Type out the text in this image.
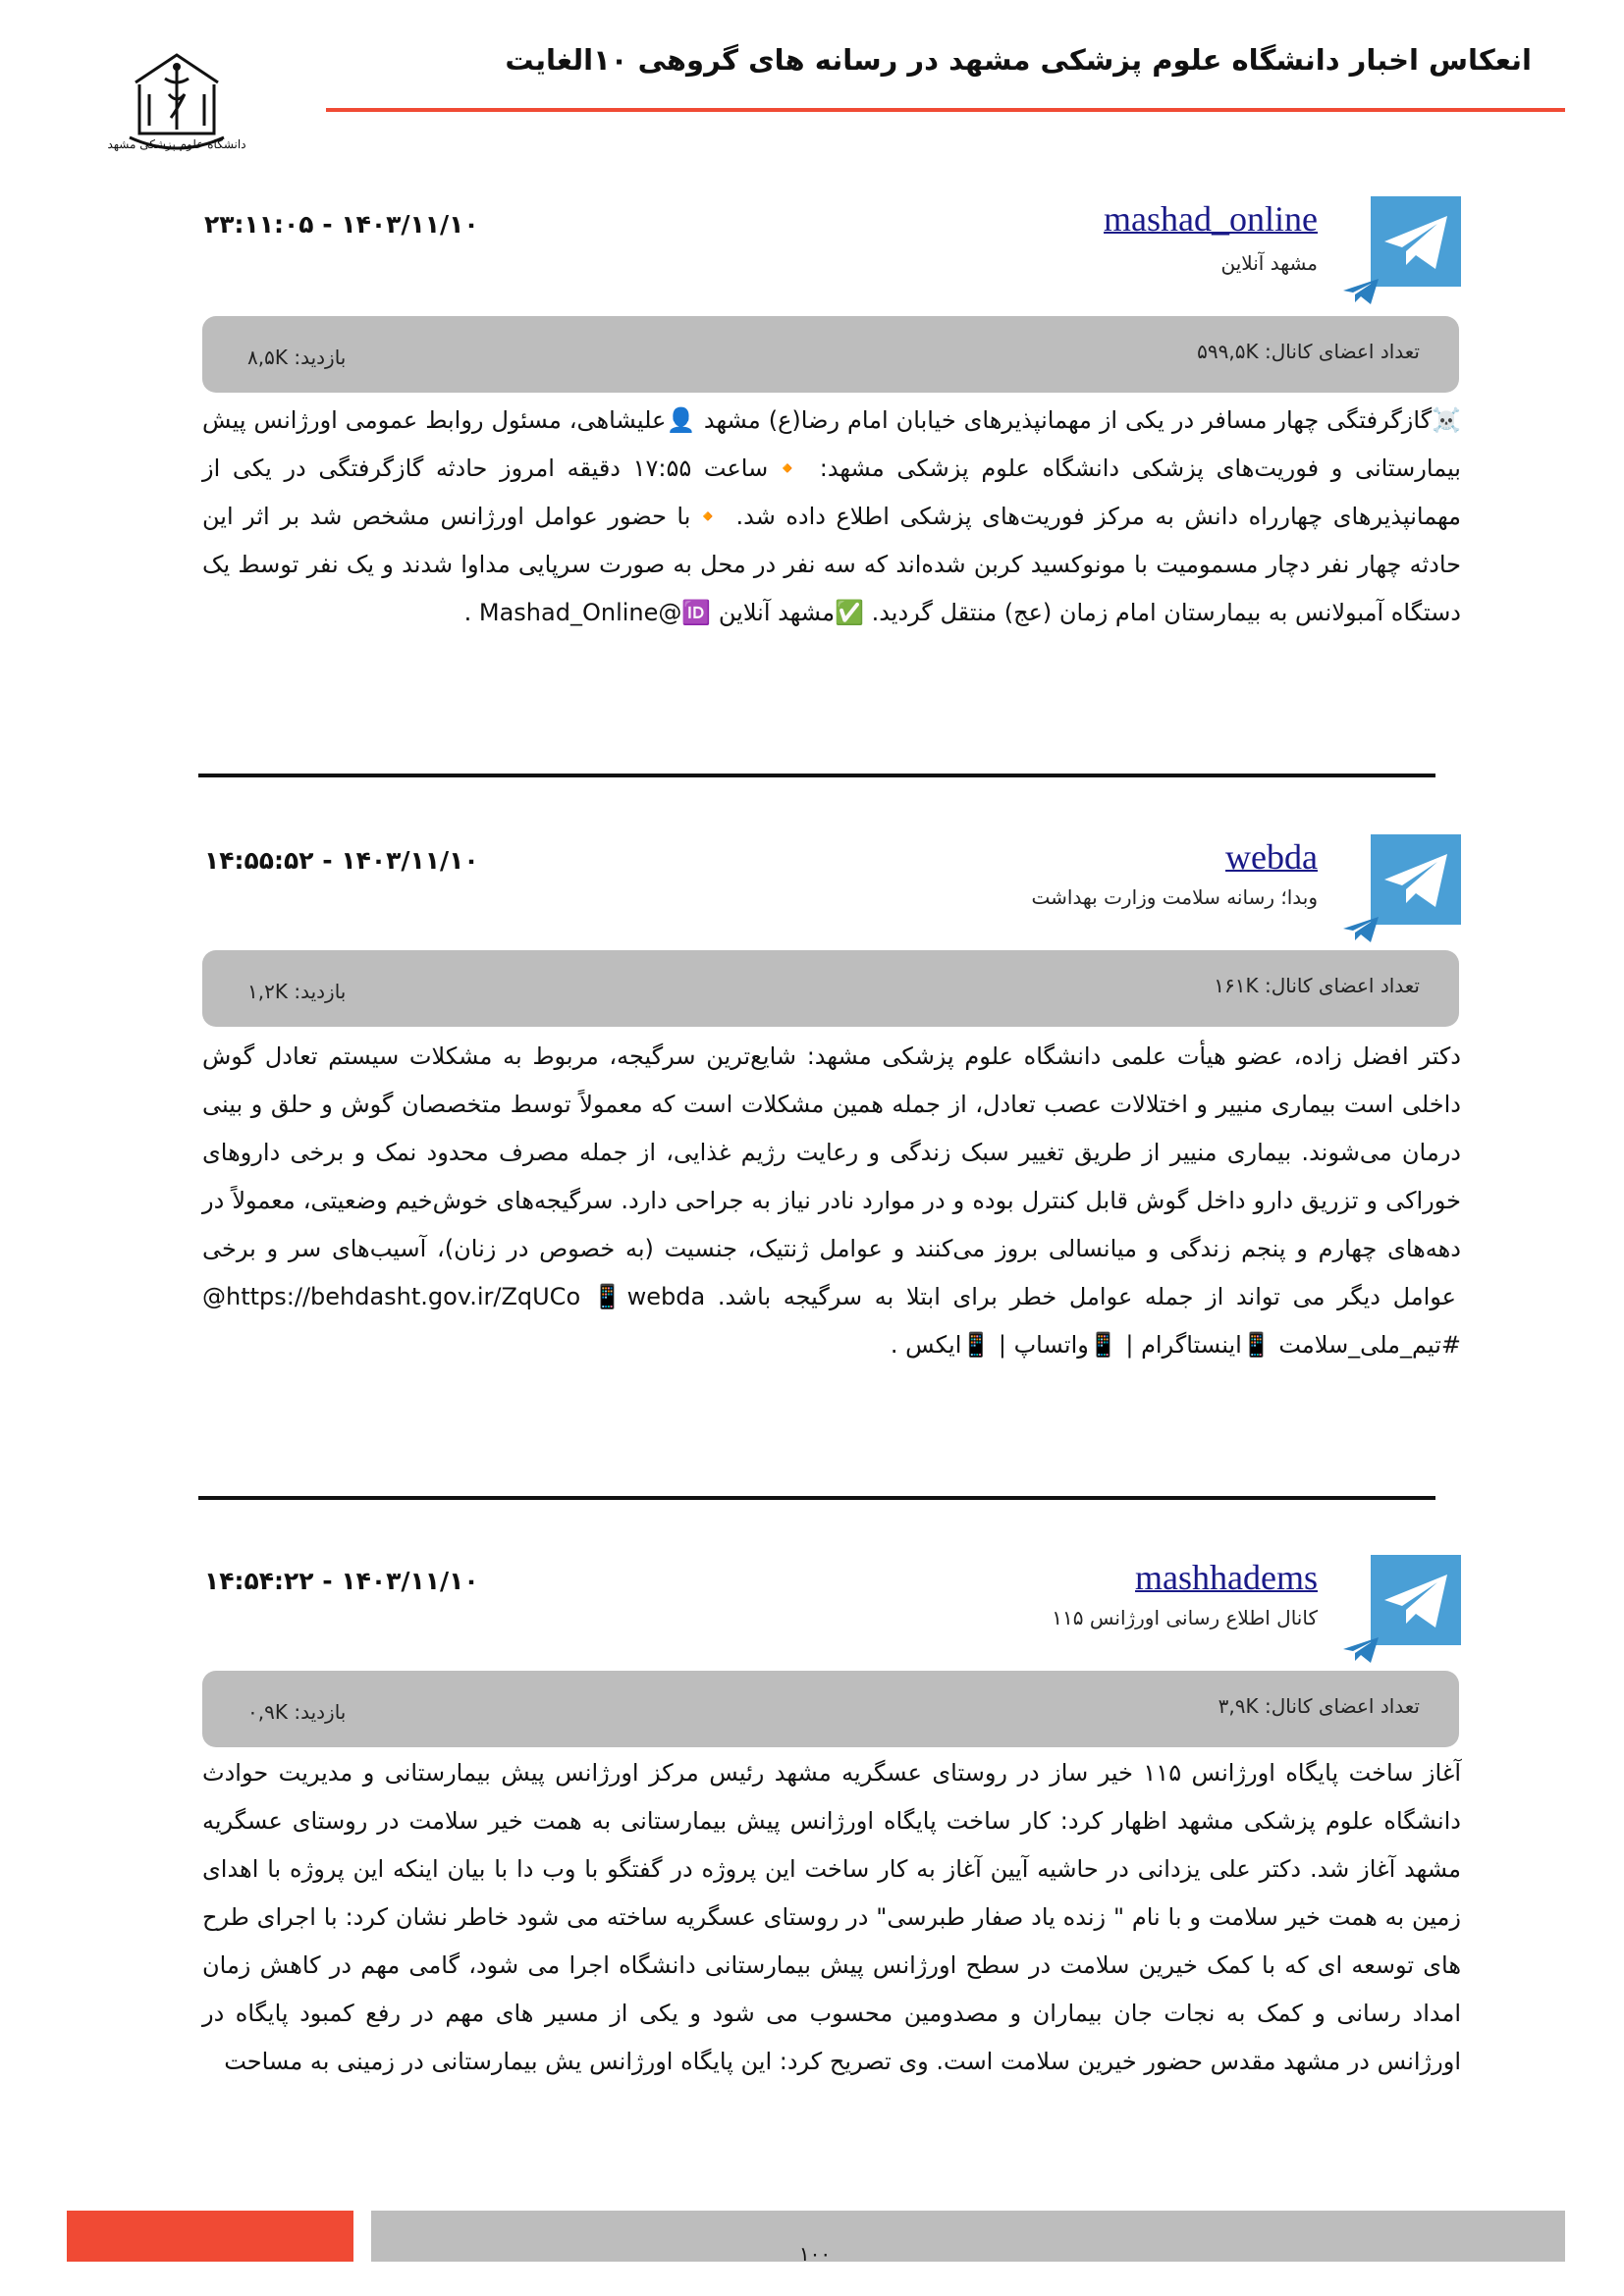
انعکاس اخبار دانشگاه علوم پزشکی مشهد در رسانه های گروهی ۱۰الغایت
دانشگاه علوم پزشکی مشهد
mashad_online
مشهد آنلاین
۲۳:۱۱:۰۵ - ۱۴۰۳/۱۱/۱۰
تعداد اعضای کانال: ۵۹۹,۵K
بازدید: ۸,۵K
☠️گازگرفتگی چهار مسافر در یکی از مهمانپذیرهای خیابان امام رضا(ع) مشهد 👤علیشاهی، مسئول روابط عمومی اورژانس پیش بیمارستانی و فوریت‌های پزشکی دانشگاه علوم پزشکی مشهد: 🔸ساعت ۱۷:۵۵ دقیقه امروز حادثه گازگرفتگی در یکی از مهمانپذیرهای چهارراه دانش به مرکز فوریت‌های پزشکی اطلاع داده شد. 🔸با حضور عوامل اورژانس مشخص شد بر اثر این حادثه چهار نفر دچار مسمومیت با مونوکسید کربن شده‌اند که سه نفر در محل به صورت سرپایی مداوا شدند و یک نفر توسط یک دستگاه آمبولانس به بیمارستان امام زمان (عج) منتقل گردید. ✅مشهد آنلاین Mashad_Online@🆔 .
webda
وبدا؛ رسانه سلامت وزارت بهداشت
۱۴:۵۵:۵۲ - ۱۴۰۳/۱۱/۱۰
تعداد اعضای کانال: ۱۶۱K
بازدید: ۱,۲K
دکتر افضل زاده، عضو هیأت علمی دانشگاه علوم پزشکی مشهد: شایع‌ترین سرگیجه، مربوط به مشکلات سیستم تعادل گوش داخلی است بیماری منییر و اختلالات عصب تعادل، از جمله همین مشکلات است که معمولاً توسط متخصصان گوش و حلق و بینی درمان می‌شوند. بیماری منییر از طریق تغییر سبک زندگی و رعایت رژیم غذایی، از جمله مصرف محدود نمک و برخی داروهای خوراکی و تزریق دارو داخل گوش قابل کنترل بوده و در موارد نادر نیاز به جراحی دارد. سرگیجه‌های خوش‌خیم وضعیتی، معمولاً در دهه‌های چهارم و پنجم زندگی و میانسالی بروز می‌کنند و عوامل ژنتیک، جنسیت (به خصوص در زنان)، آسیب‌های سر و برخی عوامل دیگر می تواند از جمله عوامل خطر برای ابتلا به سرگیجه باشد. https://behdasht.gov.ir/ZqUCo 📱webda@ #تیم_ملی_سلامت 📱اینستاگرام | 📱واتساپ | 📱ایکس .
mashhadems
کانال اطلاع رسانی اورژانس ۱۱۵
۱۴:۵۴:۲۲ - ۱۴۰۳/۱۱/۱۰
تعداد اعضای کانال: ۳,۹K
بازدید: ۰,۹K
آغاز ساخت پایگاه اورژانس ۱۱۵ خیر ساز در روستای عسگریه مشهد رئیس مرکز اورژانس پیش بیمارستانی و مدیریت حوادث دانشگاه علوم پزشکی مشهد اظهار کرد: کار ساخت پایگاه اورژانس پیش بیمارستانی به همت خیر سلامت در روستای عسگریه مشهد آغاز شد. دکتر علی یزدانی در حاشیه آیین آغاز به کار ساخت این پروژه در گفتگو با وب دا با بیان اینکه این پروژه با اهدای زمین به همت خیر سلامت و با نام " زنده یاد صفار طبرسی" در روستای عسگریه ساخته می شود خاطر نشان کرد: با اجرای طرح های توسعه ای که با کمک خیرین سلامت در سطح اورژانس پیش بیمارستانی دانشگاه اجرا می شود، گامی مهم در کاهش زمان امداد رسانی و کمک به نجات جان بیماران و مصدومین محسوب می شود و یکی از مسیر های مهم در رفع کمبود پایگاه در اورژانس در مشهد مقدس حضور خیرین سلامت است. وی تصریح کرد: این پایگاه اورژانس یش بیمارستانی در زمینی به مساحت
۱۰۰
